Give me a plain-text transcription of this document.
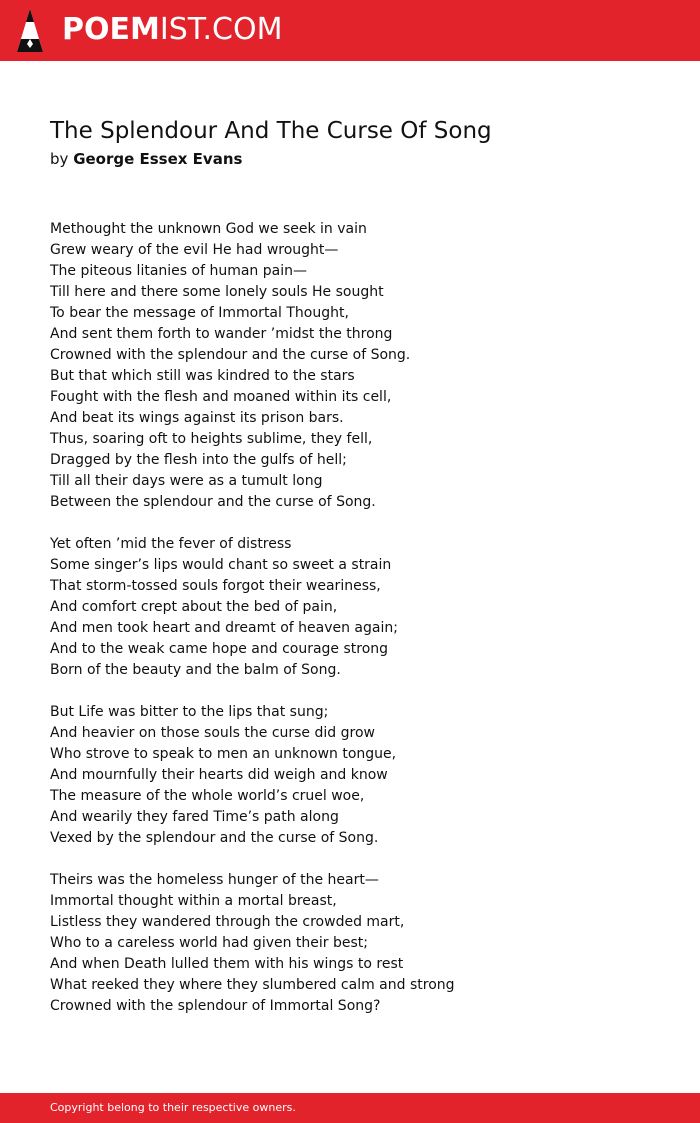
POEMIST.COM
The Splendour And The Curse Of Song

by George Essex Evans

Methought the unknown God we seek in vain
Grew weary of the evil He had wrought—
The piteous litanies of human pain—
Till here and there some lonely souls He sought
To bear the message of Immortal Thought,
And sent them forth to wander ’midst the throng
Crowned with the splendour and the curse of Song.
But that which still was kindred to the stars
Fought with the flesh and moaned within its cell,
And beat its wings against its prison bars.
Thus, soaring oft to heights sublime, they fell,
Dragged by the flesh into the gulfs of hell;
Till all their days were as a tumult long
Between the splendour and the curse of Song.
Yet often ’mid the fever of distress
Some singer’s lips would chant so sweet a strain
That storm-tossed souls forgot their weariness,
And comfort crept about the bed of pain,
And men took heart and dreamt of heaven again;
And to the weak came hope and courage strong
Born of the beauty and the balm of Song.
But Life was bitter to the lips that sung;
And heavier on those souls the curse did grow
Who strove to speak to men an unknown tongue,
And mournfully their hearts did weigh and know
The measure of the whole world’s cruel woe,
And wearily they fared Time’s path along
Vexed by the splendour and the curse of Song.
Theirs was the homeless hunger of the heart—
Immortal thought within a mortal breast,
Listless they wandered through the crowded mart,
Who to a careless world had given their best;
And when Death lulled them with his wings to rest
What reeked they where they slumbered calm and strong
Crowned with the splendour of Immortal Song?
Copyright belong to their respective owners.
